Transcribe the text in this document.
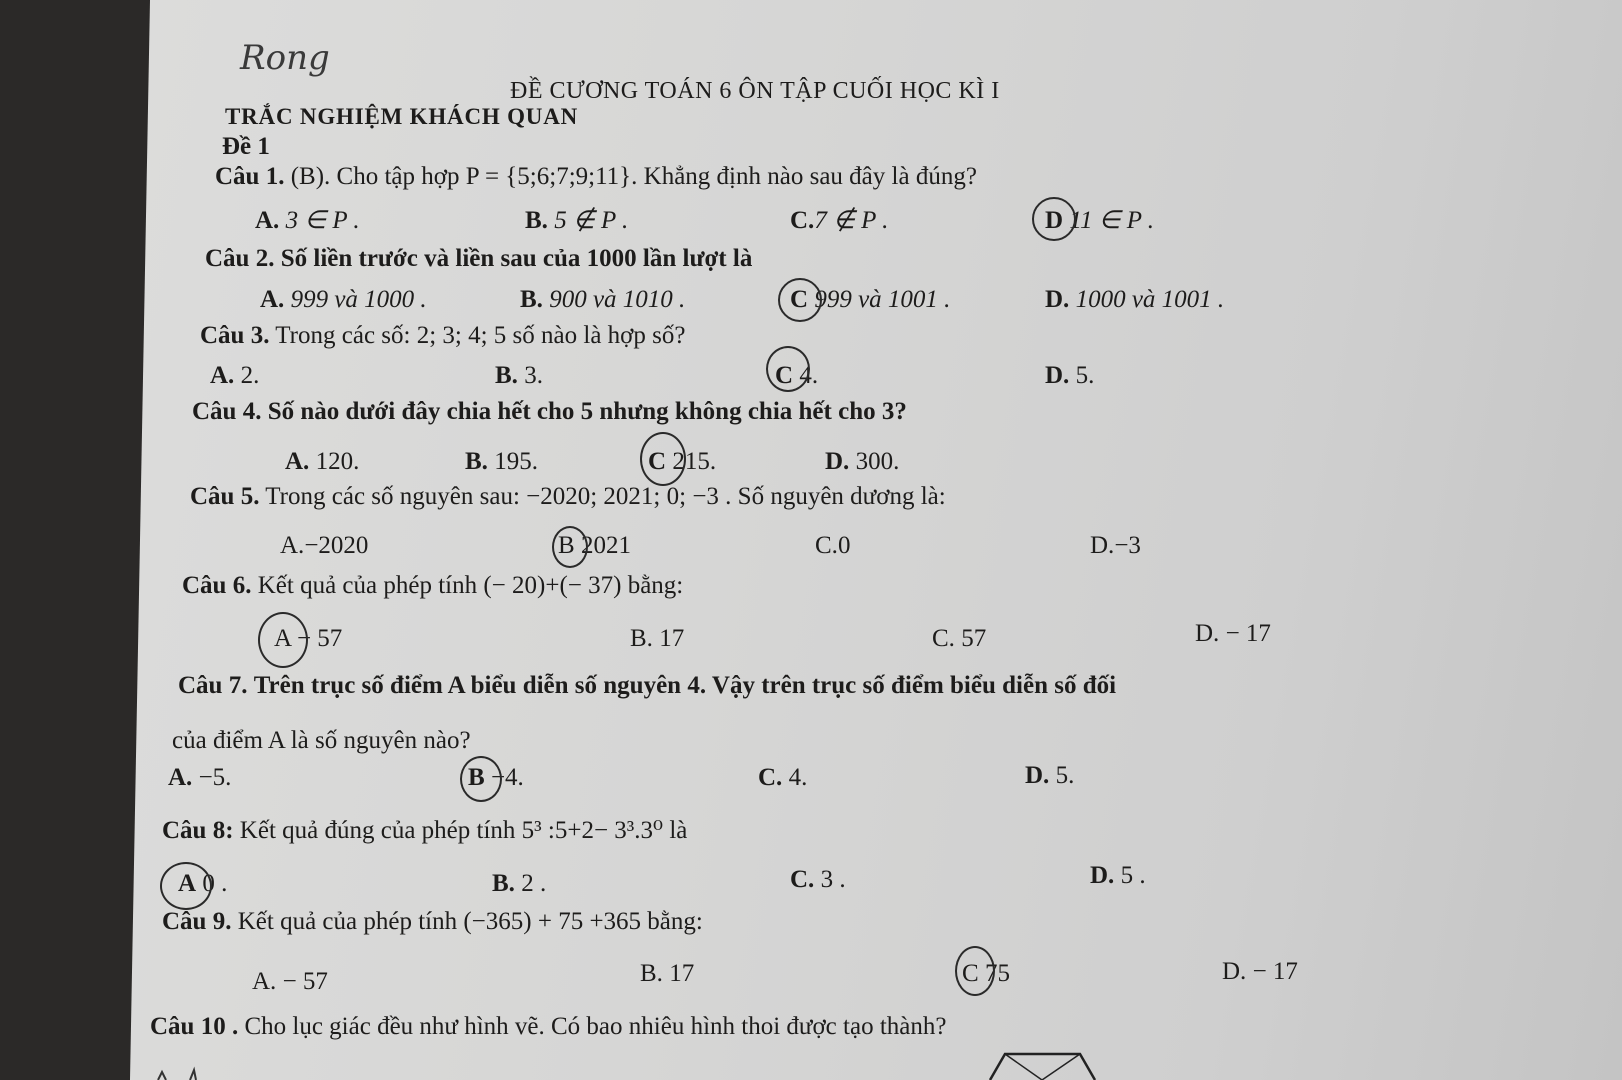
Rong
ĐỀ CƯƠNG TOÁN 6 ÔN TẬP CUỐI HỌC KÌ I
TRẮC NGHIỆM KHÁCH QUAN
Đề 1
Câu 1. (B). Cho tập hợp P = {5;6;7;9;11}. Khẳng định nào sau đây là đúng?
A. 3 ∈ P .	B. 5 ∉ P .	C.7 ∉ P .	D 11 ∈ P .
Câu 2. Số liền trước và liền sau của 1000 lần lượt là
A. 999 và 1000 .	B. 900 và 1010 .	C 999 và 1001 .	D. 1000 và 1001 .
Câu 3. Trong các số: 2; 3; 4; 5 số nào là hợp số?
A. 2.	B. 3.	C 4.	D. 5.
Câu 4. Số nào dưới đây chia hết cho 5 nhưng không chia hết cho 3?
A. 120.	B. 195.	C 215.	D. 300.
Câu 5. Trong các số nguyên sau: −2020; 2021; 0; −3 . Số nguyên dương là:
A.−2020	B 2021	C.0	D.−3
Câu 6. Kết quả của phép tính (− 20)+(− 37) bằng:
A − 57	B. 17	C. 57	D. − 17
Câu 7. Trên trục số điểm A biểu diễn số nguyên 4. Vậy trên trục số điểm biểu diễn số đối
của điểm A là số nguyên nào?
A. −5.	B −4.	C. 4.	D. 5.
Câu 8: Kết quả đúng của phép tính 5³ :5+2− 3³.3⁰ là
A 0 .	B. 2 .	C. 3 .	D. 5 .
Câu 9. Kết quả của phép tính (−365) + 75 +365 bằng:
A. − 57	B. 17	C 75	D. − 17
Câu 10 . Cho lục giác đều như hình vẽ. Có bao nhiêu hình thoi được tạo thành?
